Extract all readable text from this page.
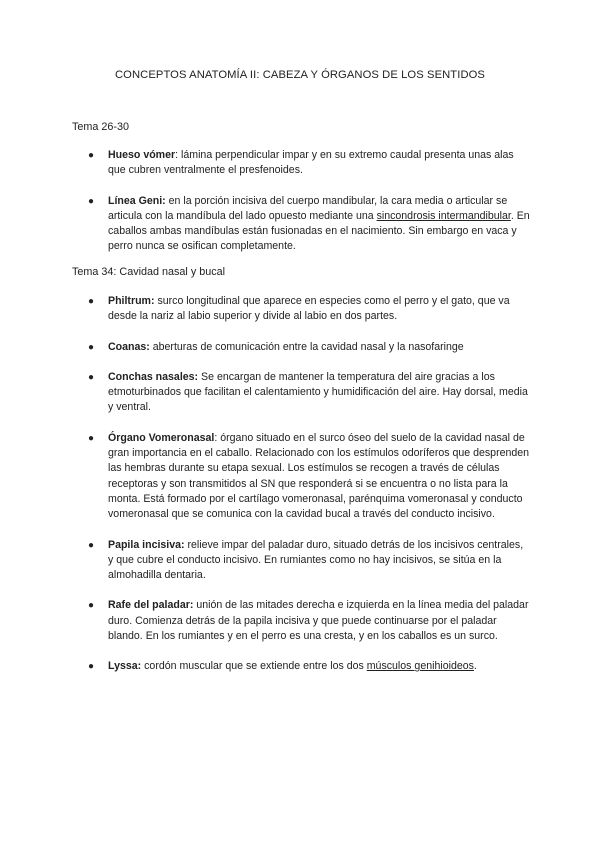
CONCEPTOS ANATOMÍA II: CABEZA Y ÓRGANOS DE LOS SENTIDOS
Tema 26-30
● Hueso vómer: lámina perpendicular impar y en su extremo caudal presenta unas alas que cubren ventralmente el presfenoides.
● Línea Geni: en la porción incisiva del cuerpo mandibular, la cara media o articular se articula con la mandíbula del lado opuesto mediante una sincondrosis intermandibular. En caballos ambas mandíbulas están fusionadas en el nacimiento. Sin embargo en vaca y perro nunca se osifican completamente.
Tema 34: Cavidad nasal y bucal
● Philtrum: surco longitudinal que aparece en especies como el perro y el gato, que va desde la nariz al labio superior y divide al labio en dos partes.
● Coanas: aberturas de comunicación entre la cavidad nasal y la nasofaringe
● Conchas nasales: Se encargan de mantener la temperatura del aire gracias a los etmoturbinados que facilitan el calentamiento y humidificación del aire. Hay dorsal, media y ventral.
● Órgano Vomeronasal: órgano situado en el surco óseo del suelo de la cavidad nasal de gran importancia en el caballo. Relacionado con los estímulos odoríferos que desprenden las hembras durante su etapa sexual. Los estímulos se recogen a través de células receptoras y son transmitidos al SN que responderá si se encuentra o no lista para la monta. Está formado por el cartílago vomeronasal, parénquima vomeronasal y conducto vomeronasal que se comunica con la cavidad bucal a través del conducto incisivo.
● Papila incisiva: relieve impar del paladar duro, situado detrás de los incisivos centrales, y que cubre el conducto incisivo. En rumiantes como no hay incisivos, se sitúa en la almohadilla dentaria.
● Rafe del paladar: unión de las mitades derecha e izquierda en la línea media del paladar duro. Comienza detrás de la papila incisiva y que puede continuarse por el paladar blando. En los rumiantes y en el perro es una cresta, y en los caballos es un surco.
● Lyssa: cordón muscular que se extiende entre los dos músculos genihioideos.
